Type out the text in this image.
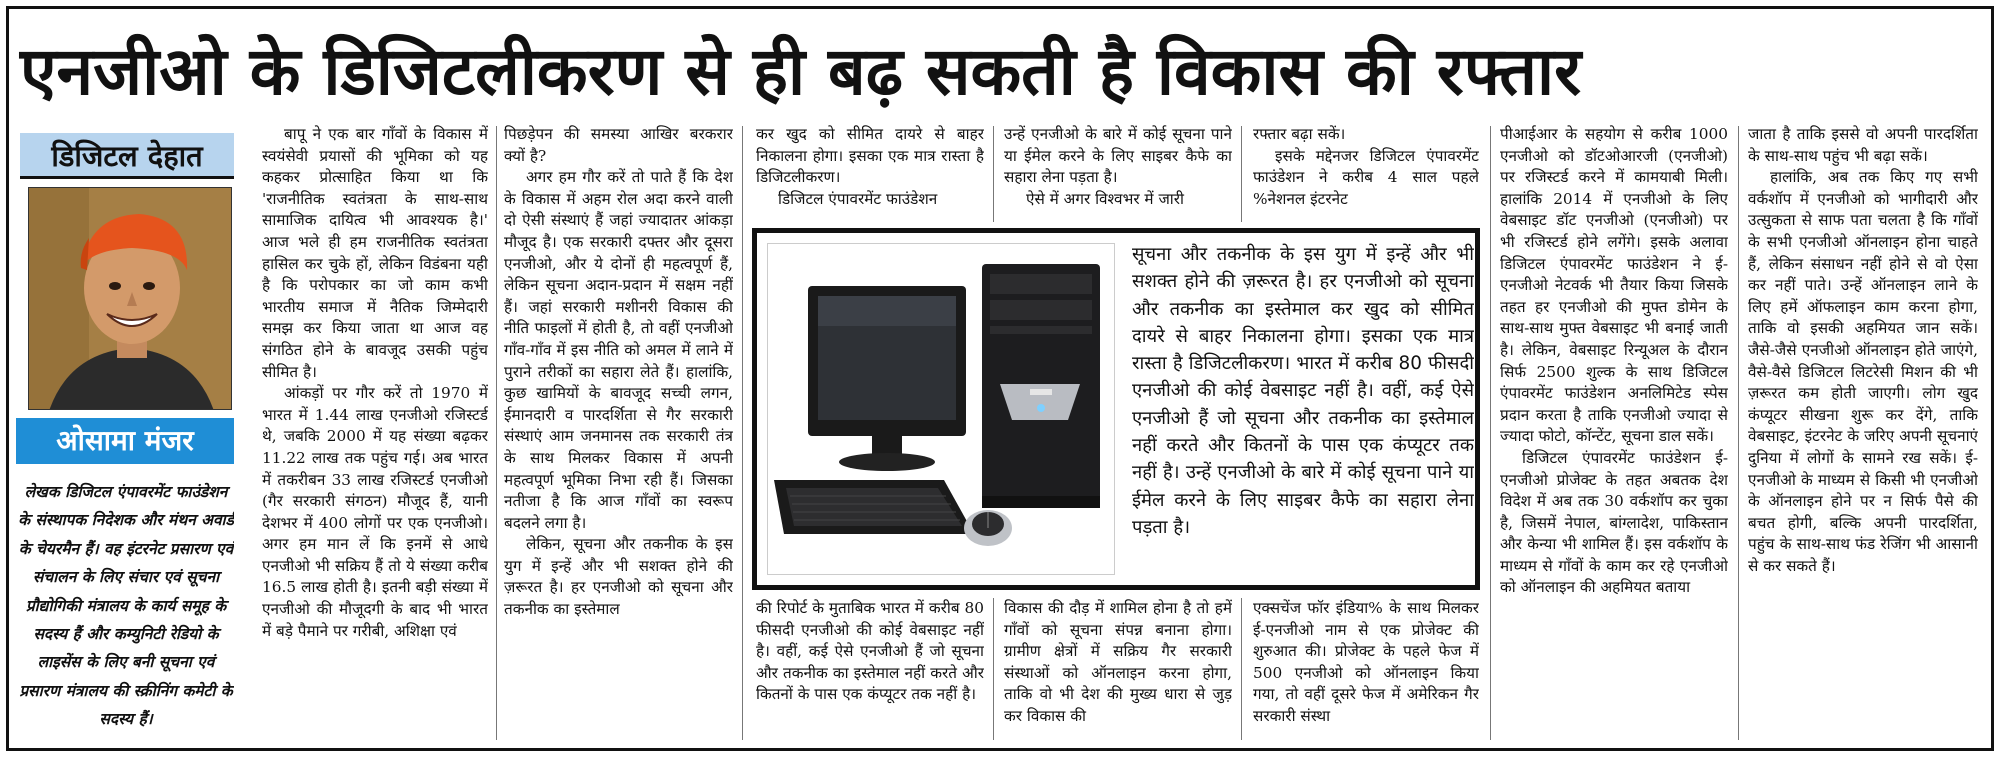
एनजीओ के डिजिटलीकरण से ही बढ़ सकती है विकास की रफ्तार
डिजिटल देहात
ओसामा मंजर
लेखक डिजिटल एंपावरमेंट फाउंडेशन के संस्थापक निदेशक और मंथन अवार्ड के चेयरमैन हैं। वह इंटरनेट प्रसारण एवं संचालन के लिए संचार एवं सूचना प्रौद्योगिकी मंत्रालय के कार्य समूह के सदस्य हैं और कम्युनिटी रेडियो के लाइसेंस के लिए बनी सूचना एवं प्रसारण मंत्रालय की स्क्रीनिंग कमेटी के सदस्य हैं।

बापू ने एक बार गाँवों के विकास में स्वयंसेवी प्रयासों की भूमिका को यह कहकर प्रोत्साहित किया था कि 'राजनीतिक स्वतंत्रता के साथ-साथ सामाजिक दायित्व भी आवश्यक है।' आज भले ही हम राजनीतिक स्वतंत्रता हासिल कर चुके हों, लेकिन विडंबना यही है कि परोपकार का जो काम कभी भारतीय समाज में नैतिक जिम्मेदारी समझ कर किया जाता था आज वह संगठित होने के बावजूद उसकी पहुंच सीमित है।

आंकड़ों पर गौर करें तो 1970 में भारत में 1.44 लाख एनजीओ रजिस्टर्ड थे, जबकि 2000 में यह संख्या बढ़कर 11.22 लाख तक पहुंच गई। अब भारत में तकरीबन 33 लाख रजिस्टर्ड एनजीओ (गैर सरकारी संगठन) मौजूद हैं, यानी देशभर में 400 लोगों पर एक एनजीओ। अगर हम मान लें कि इनमें से आधे एनजीओ भी सक्रिय हैं तो ये संख्या करीब 16.5 लाख होती है। इतनी बड़ी संख्या में एनजीओ की मौजूदगी के बाद भी भारत में बड़े पैमाने पर गरीबी, अशिक्षा एवं

पिछड़ेपन की समस्या आखिर बरकरार क्यों है?

अगर हम गौर करें तो पाते हैं कि देश के विकास में अहम रोल अदा करने वाली दो ऐसी संस्थाएं हैं जहां ज्यादातर आंकड़ा मौजूद है। एक सरकारी दफ्तर और दूसरा एनजीओ, और ये दोनों ही महत्वपूर्ण हैं, लेकिन सूचना अदान-प्रदान में सक्षम नहीं हैं। जहां सरकारी मशीनरी विकास की नीति फाइलों में होती है, तो वहीं एनजीओ गाँव-गाँव में इस नीति को अमल में लाने में पुराने तरीकों का सहारा लेते हैं। हालांकि, कुछ खामियों के बावजूद सच्ची लगन, ईमानदारी व पारदर्शिता से गैर सरकारी संस्थाएं आम जनमानस तक सरकारी तंत्र के साथ मिलकर विकास में अपनी महत्वपूर्ण भूमिका निभा रही हैं। जिसका नतीजा है कि आज गाँवों का स्वरूप बदलने लगा है।

लेकिन, सूचना और तकनीक के इस युग में इन्हें और भी सशक्त होने की ज़रूरत है। हर एनजीओ को सूचना और तकनीक का इस्तेमाल

कर खुद को सीमित दायरे से बाहर निकालना होगा। इसका एक मात्र रास्ता है डिजिटलीकरण।

डिजिटल एंपावरमेंट फाउंडेशन

उन्हें एनजीओ के बारे में कोई सूचना पाने या ईमेल करने के लिए साइबर कैफे का सहारा लेना पड़ता है।

ऐसे में अगर विश्वभर में जारी

रफ्तार बढ़ा सकें।

इसके मद्देनजर डिजिटल एंपावरमेंट फाउंडेशन ने करीब 4 साल पहले %नेशनल इंटरनेट

सूचना और तकनीक के इस युग में इन्हें और भी सशक्त होने की ज़रूरत है। हर एनजीओ को सूचना और तकनीक का इस्तेमाल कर खुद को सीमित दायरे से बाहर निकालना होगा। इसका एक मात्र रास्ता है डिजिटलीकरण। भारत में करीब 80 फीसदी एनजीओ की कोई वेबसाइट नहीं है। वहीं, कई ऐसे एनजीओ हैं जो सूचना और तकनीक का इस्तेमाल नहीं करते और कितनों के पास एक कंप्यूटर तक नहीं है। उन्हें एनजीओ के बारे में कोई सूचना पाने या ईमेल करने के लिए साइबर कैफे का सहारा लेना पड़ता है।

की रिपोर्ट के मुताबिक भारत में करीब 80 फीसदी एनजीओ की कोई वेबसाइट नहीं है। वहीं, कई ऐसे एनजीओ हैं जो सूचना और तकनीक का इस्तेमाल नहीं करते और कितनों के पास एक कंप्यूटर तक नहीं है।

विकास की दौड़ में शामिल होना है तो हमें गाँवों को सूचना संपन्न बनाना होगा। ग्रामीण क्षेत्रों में सक्रिय गैर सरकारी संस्थाओं को ऑनलाइन करना होगा, ताकि वो भी देश की मुख्य धारा से जुड़ कर विकास की

एक्सचेंज फॉर इंडिया% के साथ मिलकर ई-एनजीओ नाम से एक प्रोजेक्ट की शुरुआत की। प्रोजेक्ट के पहले फेज में 500 एनजीओ को ऑनलाइन किया गया, तो वहीं दूसरे फेज में अमेरिकन गैर सरकारी संस्था

पीआईआर के सहयोग से करीब 1000 एनजीओ को डॉटओआरजी (एनजीओ) पर रजिस्टर्ड करने में कामयाबी मिली। हालांकि 2014 में एनजीओ के लिए वेबसाइट डॉट एनजीओ (एनजीओ) पर भी रजिस्टर्ड होने लगेंगे। इसके अलावा डिजिटल एंपावरमेंट फाउंडेशन ने ई-एनजीओ नेटवर्क भी तैयार किया जिसके तहत हर एनजीओ की मुफ्त डोमेन के साथ-साथ मुफ्त वेबसाइट भी बनाई जाती है। लेकिन, वेबसाइट रिन्यूअल के दौरान सिर्फ 2500 शुल्क के साथ डिजिटल एंपावरमेंट फाउंडेशन अनलिमिटेड स्पेस प्रदान करता है ताकि एनजीओ ज्यादा से ज्यादा फोटो, कॉन्टेंट, सूचना डाल सकें।

डिजिटल एंपावरमेंट फाउंडेशन ई-एनजीओ प्रोजेक्ट के तहत अबतक देश विदेश में अब तक 30 वर्कशॉप कर चुका है, जिसमें नेपाल, बांग्लादेश, पाकिस्तान और केन्या भी शामिल हैं। इस वर्कशॉप के माध्यम से गाँवों के काम कर रहे एनजीओ को ऑनलाइन की अहमियत बताया

जाता है ताकि इससे वो अपनी पारदर्शिता के साथ-साथ पहुंच भी बढ़ा सकें।

हालांकि, अब तक किए गए सभी वर्कशॉप में एनजीओ को भागीदारी और उत्सुकता से साफ पता चलता है कि गाँवों के सभी एनजीओ ऑनलाइन होना चाहते हैं, लेकिन संसाधन नहीं होने से वो ऐसा कर नहीं पाते। उन्हें ऑनलाइन लाने के लिए हमें ऑफलाइन काम करना होगा, ताकि वो इसकी अहमियत जान सकें। जैसे-जैसे एनजीओ ऑनलाइन होते जाएंगे, वैसे-वैसे डिजिटल लिटरेसी मिशन की भी ज़रूरत कम होती जाएगी। लोग खुद कंप्यूटर सीखना शुरू कर देंगे, ताकि वेबसाइट, इंटरनेट के जरिए अपनी सूचनाएं दुनिया में लोगों के सामने रख सकें। ई-एनजीओ के माध्यम से किसी भी एनजीओ के ऑनलाइन होने पर न सिर्फ पैसे की बचत होगी, बल्कि अपनी पारदर्शिता, पहुंच के साथ-साथ फंड रेजिंग भी आसानी से कर सकते हैं।
